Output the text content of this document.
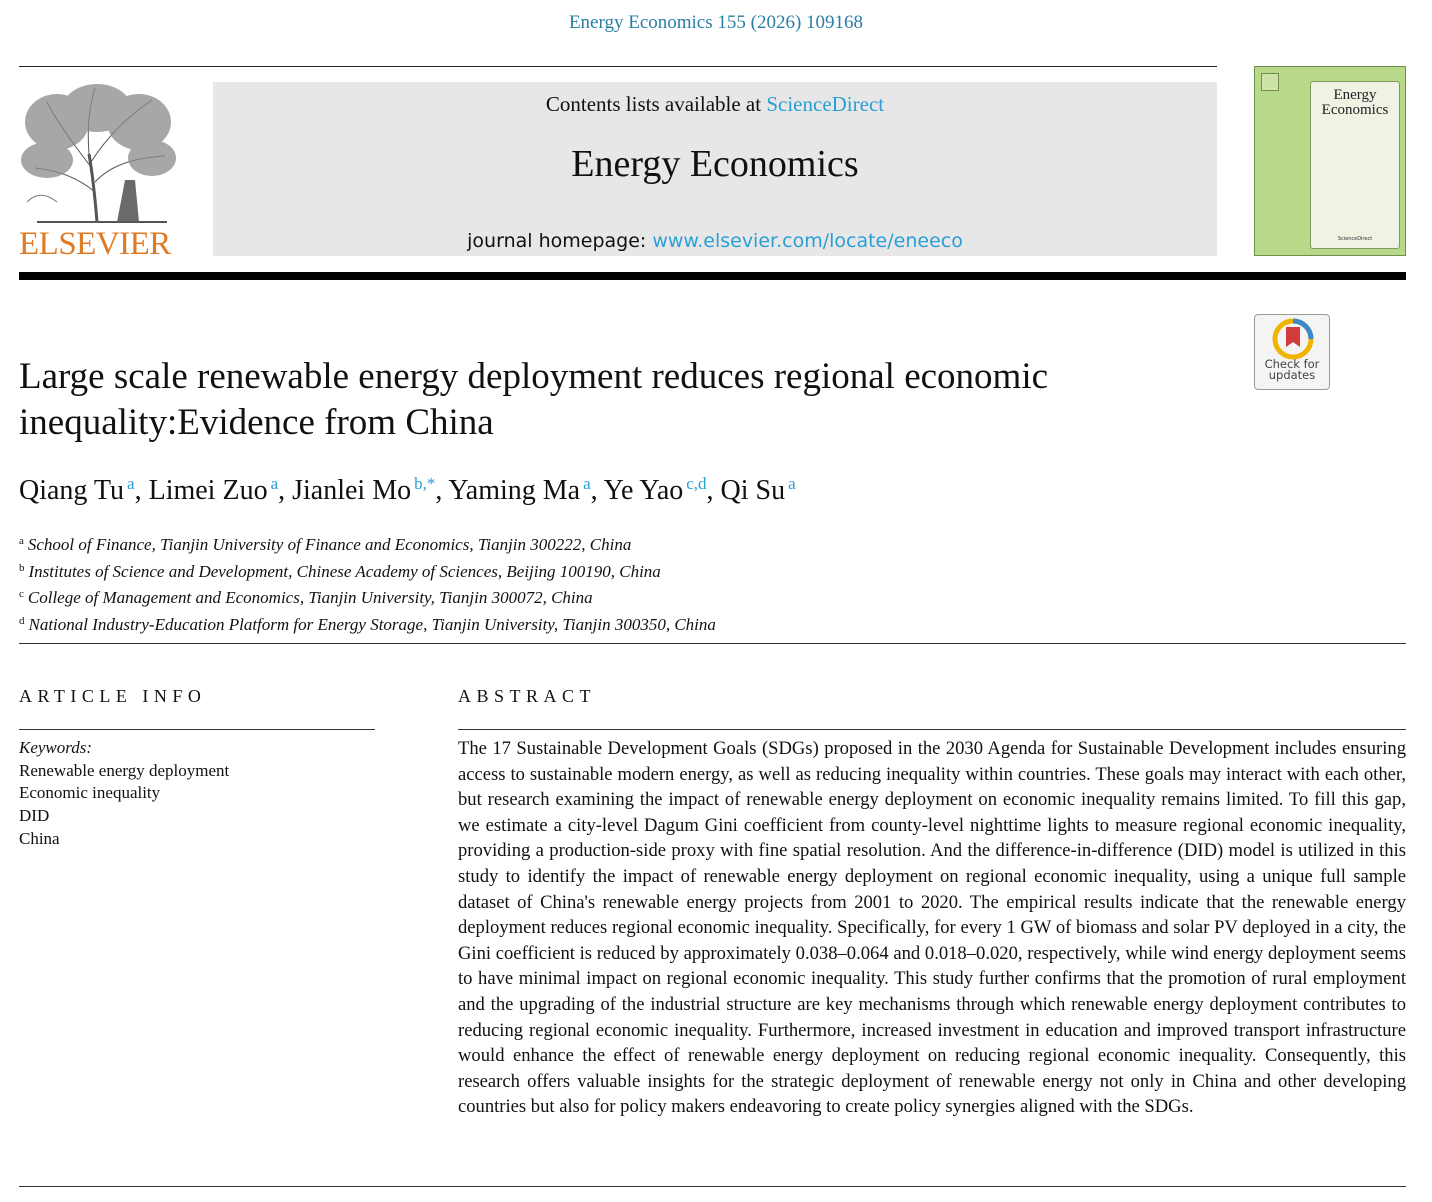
Energy Economics 155 (2026) 109168
ELSEVIER
Contents lists available at ScienceDirect
Energy Economics
journal homepage: www.elsevier.com/locate/eneeco
Energy Economics
ScienceDirect
Check for
updates
Large scale renewable energy deployment reduces regional economic inequality:Evidence from China
Qiang Tu $^a$, Limei Zuo $^a$, Jianlei Mo $^{b,*}$, Yaming Ma $^a$, Ye Yao $^{c,d}$, Qi Su $^a$
$^a$ School of Finance, Tianjin University of Finance and Economics, Tianjin 300222, China
$^b$ Institutes of Science and Development, Chinese Academy of Sciences, Beijing 100190, China
$^c$ College of Management and Economics, Tianjin University, Tianjin 300072, China
$^d$ National Industry-Education Platform for Energy Storage, Tianjin University, Tianjin 300350, China
ARTICLE INFO
Keywords:
Renewable energy deployment
Economic inequality
DID
China
ABSTRACT

The 17 Sustainable Development Goals (SDGs) proposed in the 2030 Agenda for Sustainable Development includes ensuring access to sustainable modern energy, as well as reducing inequality within countries. These goals may interact with each other, but research examining the impact of renewable energy deployment on economic inequality remains limited. To fill this gap, we estimate a city-level Dagum Gini coefficient from county-level nighttime lights to measure regional economic inequality, providing a production-side proxy with fine spatial resolution. And the difference-in-difference (DID) model is utilized in this study to identify the impact of renewable energy deployment on regional economic inequality, using a unique full sample dataset of China's renewable energy projects from 2001 to 2020. The empirical results indicate that the renewable energy deployment reduces regional economic inequality. Specifically, for every 1 GW of biomass and solar PV deployed in a city, the Gini coefficient is reduced by approximately 0.038–0.064 and 0.018–0.020, respectively, while wind energy deployment seems to have minimal impact on regional economic inequality. This study further confirms that the promotion of rural employment and the upgrading of the industrial structure are key mechanisms through which renewable energy deployment contributes to reducing regional economic inequality. Furthermore, increased investment in education and improved transport infrastructure would enhance the effect of renewable energy deployment on reducing regional economic inequality. Consequently, this research offers valuable insights for the strategic deployment of renewable energy not only in China and other developing countries but also for policy makers endeavoring to create policy synergies aligned with the SDGs.
